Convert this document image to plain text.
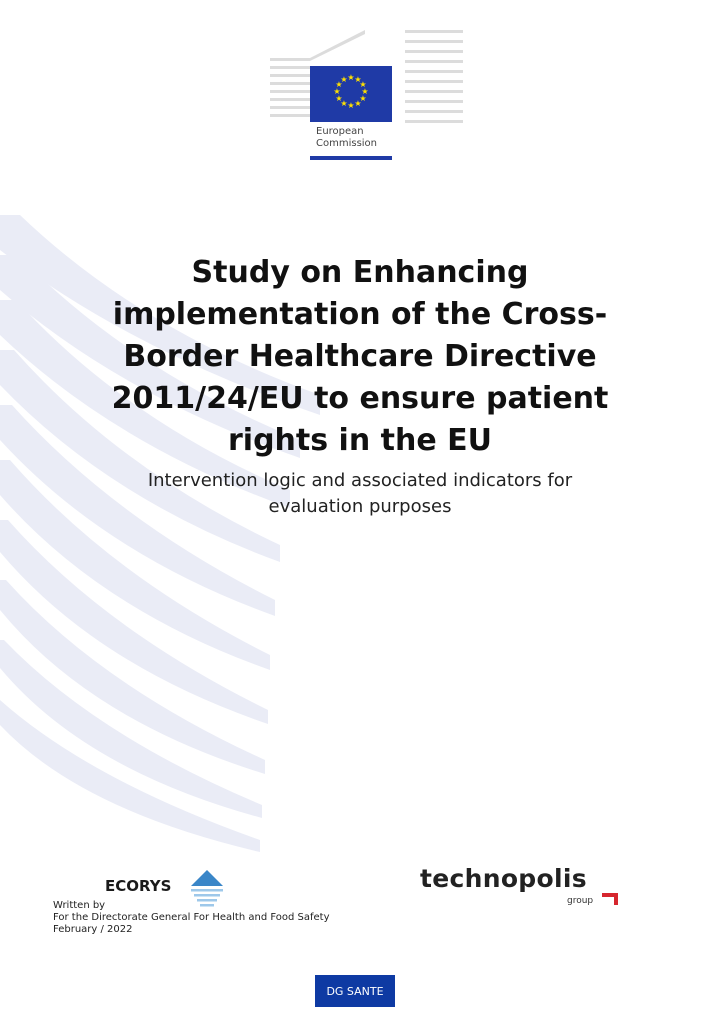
★ ★
★
★
★
★
★
★
★
★
★
★
European
Commission
Study on Enhancing implementation of the Cross-Border Healthcare Directive 2011/24/EU to ensure patient rights in the EU

Intervention logic and associated indicators for evaluation purposes

ECORYS	technopolis
group
Written by
For the Directorate General For Health and Food Safety
February / 2022
DG SANTE
